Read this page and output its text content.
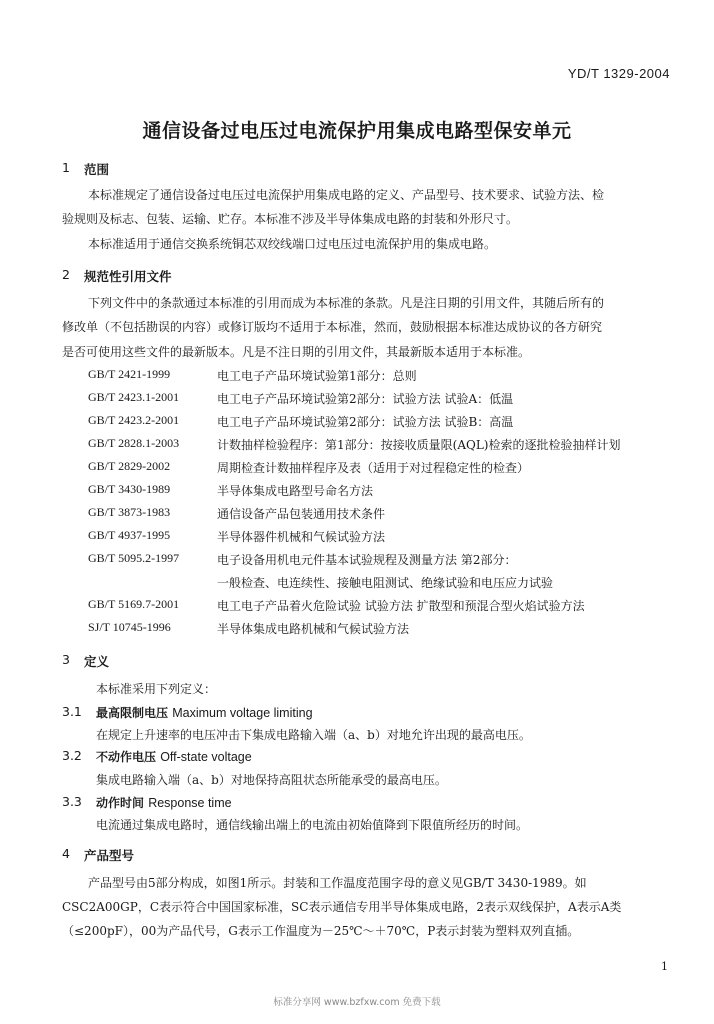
YD/T 1329-2004
通信设备过电压过电流保护用集成电路型保安单元
1 范围
本标准规定了通信设备过电压过电流保护用集成电路的定义、产品型号、技术要求、试验方法、检
验规则及标志、包装、运输、贮存。本标准不涉及半导体集成电路的封装和外形尺寸。
本标准适用于通信交换系统铜芯双绞线端口过电压过电流保护用的集成电路。
2 规范性引用文件
下列文件中的条款通过本标准的引用而成为本标准的条款。凡是注日期的引用文件，其随后所有的
修改单（不包括勘误的内容）或修订版均不适用于本标准，然而，鼓励根据本标准达成协议的各方研究
是否可使用这些文件的最新版本。凡是不注日期的引用文件，其最新版本适用于本标准。
GB/T 2421-1999	电工电子产品环境试验第1部分：总则
GB/T 2423.1-2001	电工电子产品环境试验第2部分：试验方法 试验A：低温
GB/T 2423.2-2001	电工电子产品环境试验第2部分：试验方法 试验B：高温
GB/T 2828.1-2003	计数抽样检验程序：第1部分：按接收质量限(AQL)检索的逐批检验抽样计划
GB/T 2829-2002	周期检查计数抽样程序及表（适用于对过程稳定性的检查）
GB/T 3430-1989	半导体集成电路型号命名方法
GB/T 3873-1983	通信设备产品包装通用技术条件
GB/T 4937-1995	半导体器件机械和气候试验方法
GB/T 5095.2-1997	电子设备用机电元件基本试验规程及测量方法 第2部分：
一般检查、电连续性、接触电阻测试、绝缘试验和电压应力试验
GB/T 5169.7-2001	电工电子产品着火危险试验 试验方法 扩散型和预混合型火焰试验方法
SJ/T 10745-1996	半导体集成电路机械和气候试验方法
3 定义
本标准采用下列定义：
3.1 最高限制电压 Maximum voltage limiting
在规定上升速率的电压冲击下集成电路输入端（a、b）对地允许出现的最高电压。
3.2 不动作电压 Off-state voltage
集成电路输入端（a、b）对地保持高阻状态所能承受的最高电压。
3.3 动作时间 Response time
电流通过集成电路时，通信线输出端上的电流由初始值降到下限值所经历的时间。
4 产品型号
产品型号由5部分构成，如图1所示。封装和工作温度范围字母的意义见GB/T 3430-1989。如
CSC2A00GP，C表示符合中国国家标准，SC表示通信专用半导体集成电路，2表示双线保护，A表示A类
（≤200pF），00为产品代号，G表示工作温度为－25℃～＋70℃，P表示封装为塑料双列直插。
1
标准分享网 www.bzfxw.com 免费下载
